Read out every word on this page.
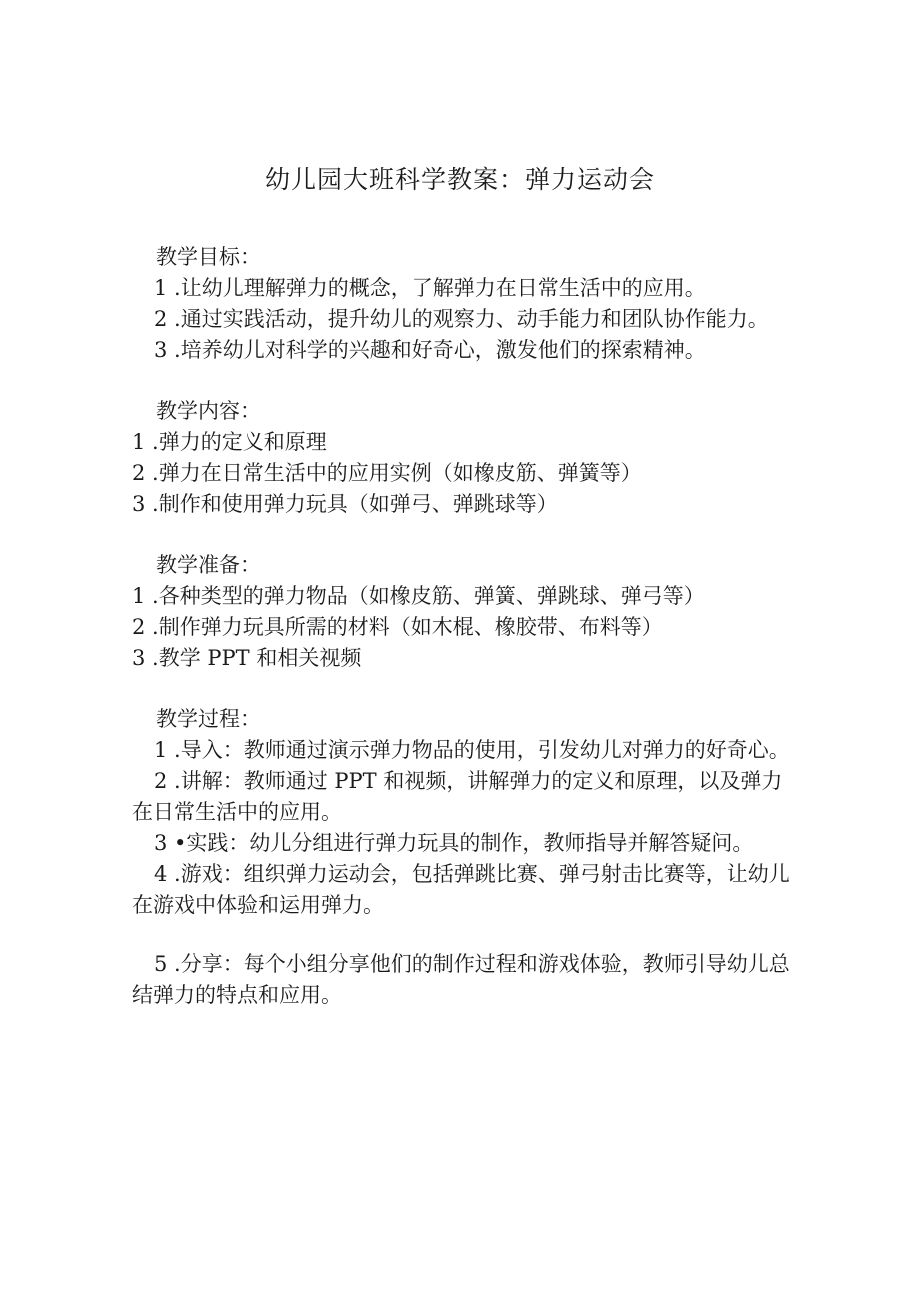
幼儿园大班科学教案：弹力运动会
教学目标：
1 .让幼儿理解弹力的概念，了解弹力在日常生活中的应用。
2 .通过实践活动，提升幼儿的观察力、动手能力和团队协作能力。
3 .培养幼儿对科学的兴趣和好奇心，激发他们的探索精神。
教学内容：
1 .弹力的定义和原理
2 .弹力在日常生活中的应用实例（如橡皮筋、弹簧等）
3 .制作和使用弹力玩具（如弹弓、弹跳球等）
教学准备：
1 .各种类型的弹力物品（如橡皮筋、弹簧、弹跳球、弹弓等）
2 .制作弹力玩具所需的材料（如木棍、橡胶带、布料等）
3 .教学 PPT 和相关视频
教学过程：
1 .导入：教师通过演示弹力物品的使用，引发幼儿对弹力的好奇心。
2 .讲解：教师通过 PPT 和视频，讲解弹力的定义和原理，以及弹力在日常生活中的应用。
3 •实践：幼儿分组进行弹力玩具的制作，教师指导并解答疑问。
4 .游戏：组织弹力运动会，包括弹跳比赛、弹弓射击比赛等，让幼儿在游戏中体验和运用弹力。
5 .分享：每个小组分享他们的制作过程和游戏体验，教师引导幼儿总结弹力的特点和应用。
